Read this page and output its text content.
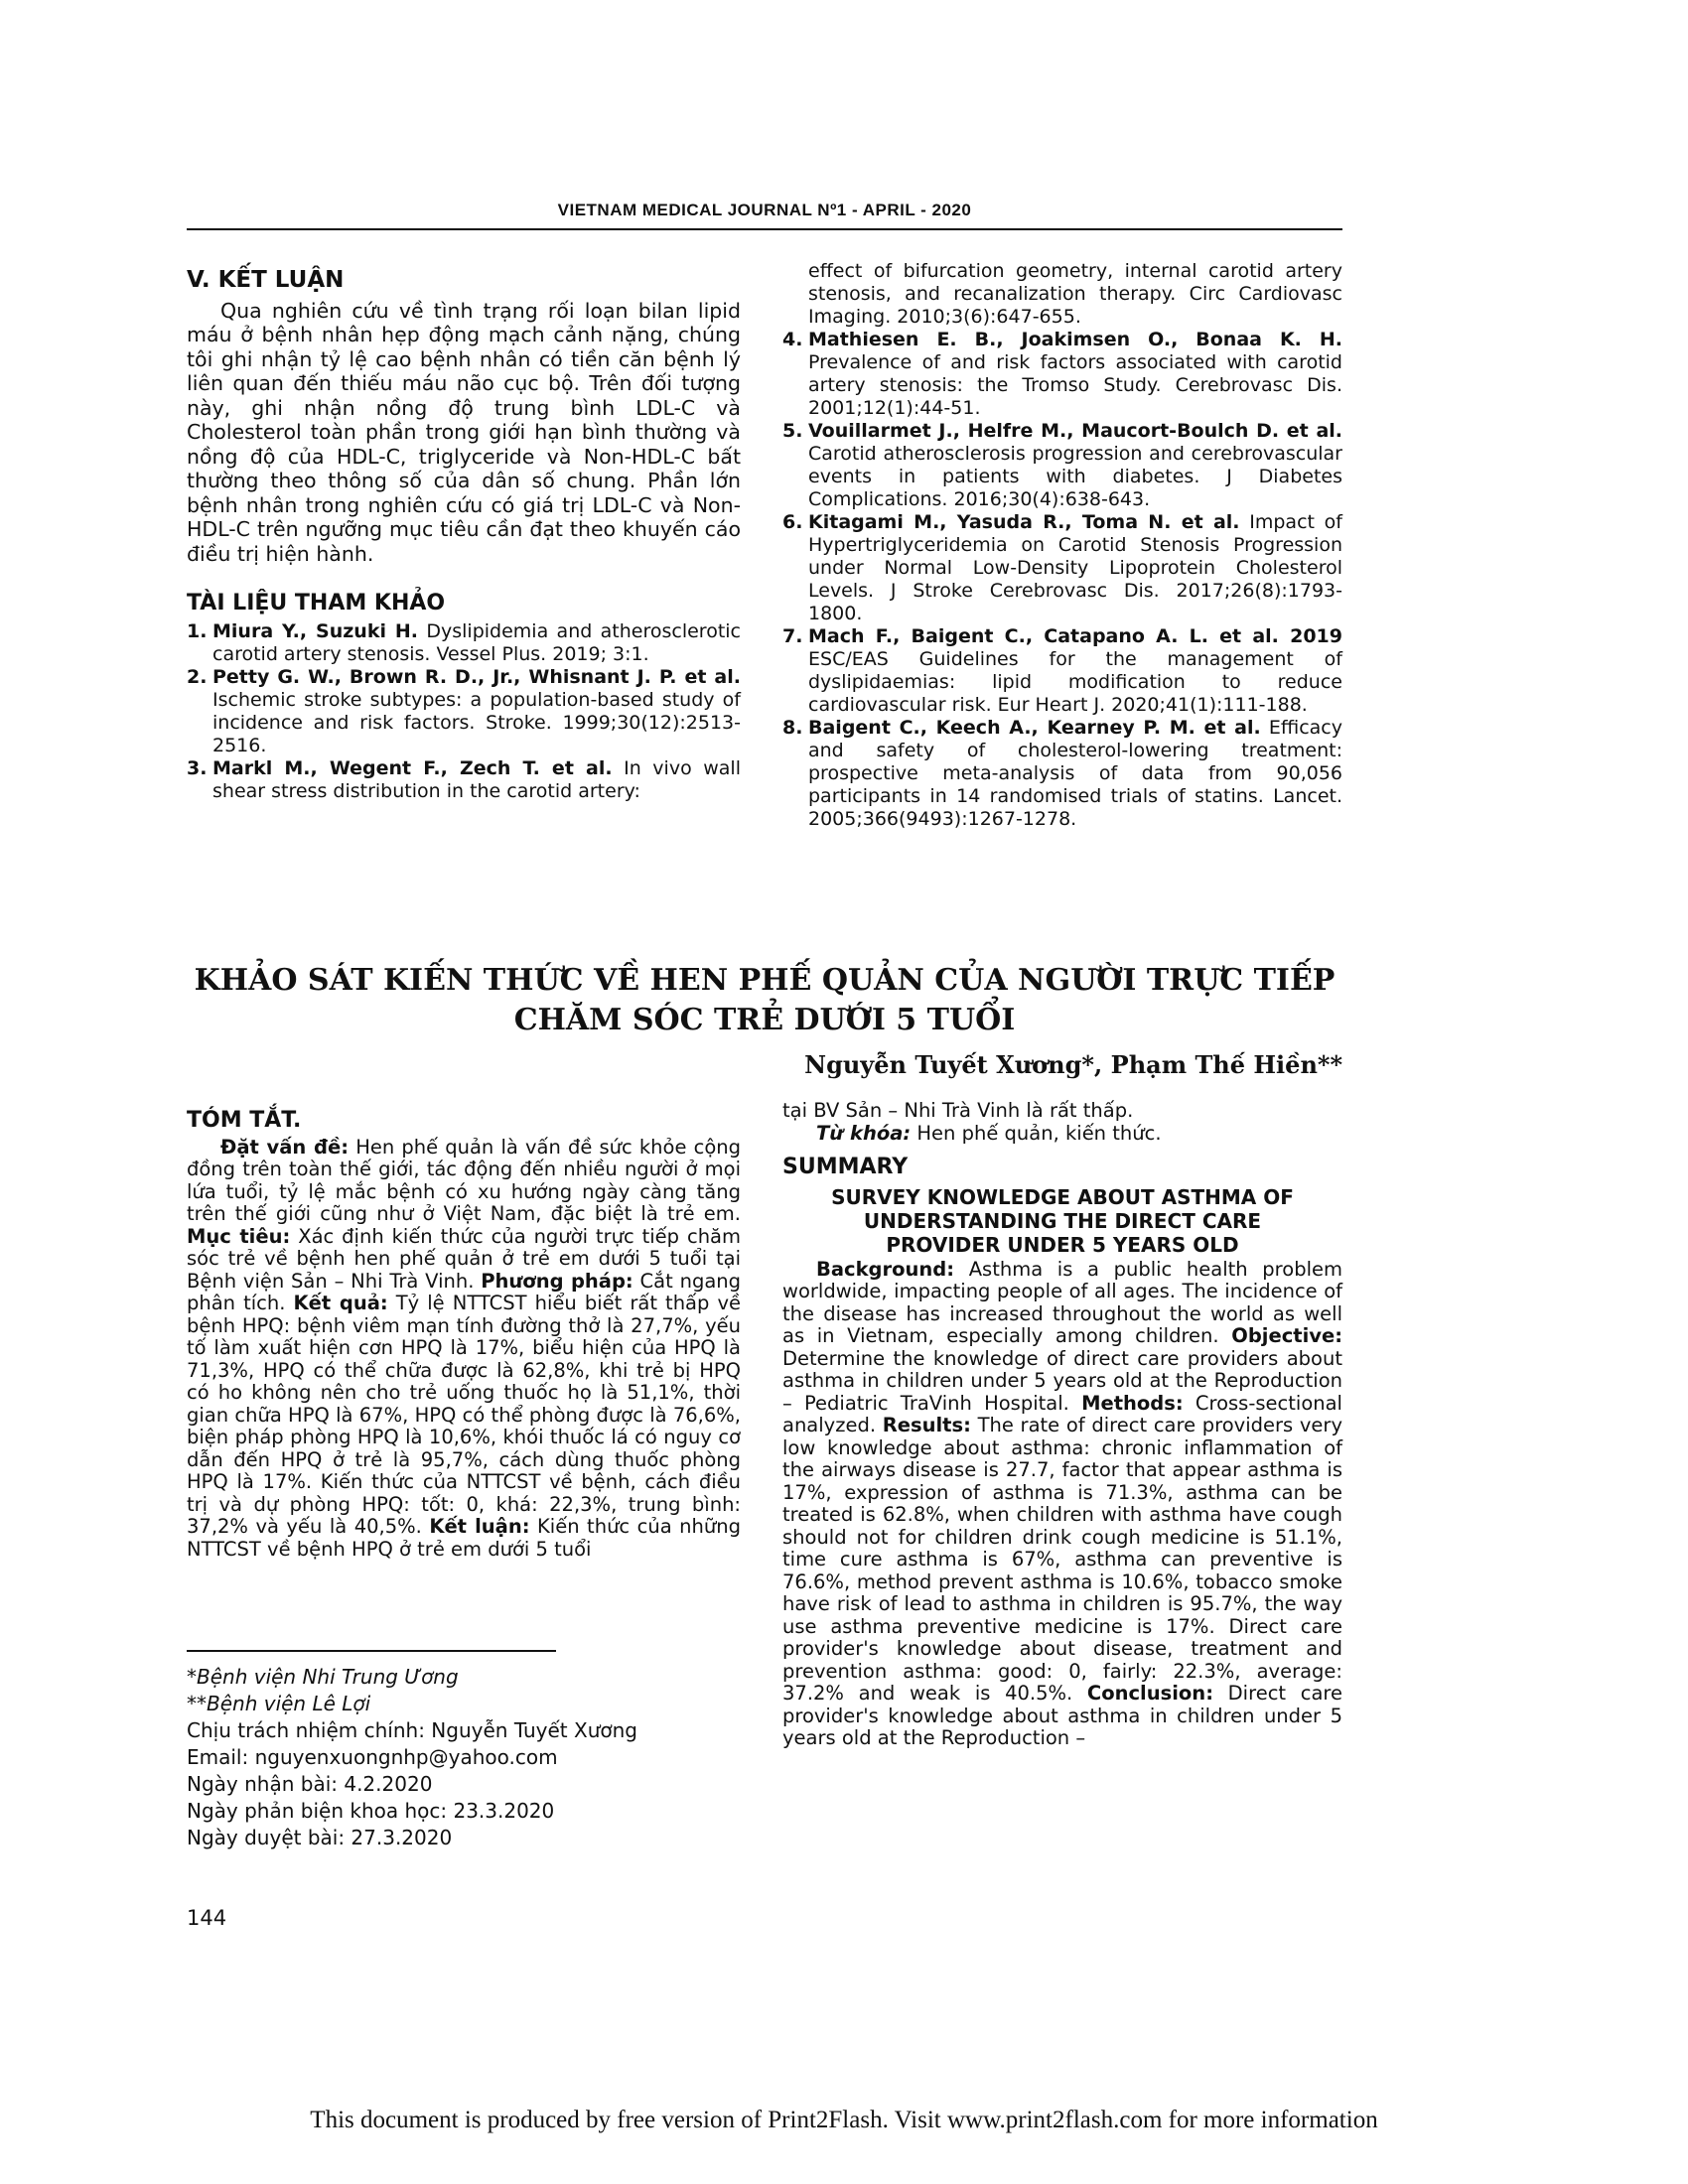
VIETNAM MEDICAL JOURNAL Nº1 - APRIL - 2020
V. KẾT LUẬN

Qua nghiên cứu về tình trạng rối loạn bilan lipid máu ở bệnh nhân hẹp động mạch cảnh nặng, chúng tôi ghi nhận tỷ lệ cao bệnh nhân có tiền căn bệnh lý liên quan đến thiếu máu não cục bộ. Trên đối tượng này, ghi nhận nồng độ trung bình LDL-C và Cholesterol toàn phần trong giới hạn bình thường và nồng độ của HDL-C, triglyceride và Non-HDL-C bất thường theo thông số của dân số chung. Phần lớn bệnh nhân trong nghiên cứu có giá trị LDL-C và Non-HDL-C trên ngưỡng mục tiêu cần đạt theo khuyến cáo điều trị hiện hành.

TÀI LIỆU THAM KHẢO
1. Miura Y., Suzuki H. Dyslipidemia and atherosclerotic carotid artery stenosis. Vessel Plus. 2019; 3:1.
2. Petty G. W., Brown R. D., Jr., Whisnant J. P. et al. Ischemic stroke subtypes: a population-based study of incidence and risk factors. Stroke. 1999;30(12):2513-2516.
3. Markl M., Wegent F., Zech T. et al. In vivo wall shear stress distribution in the carotid artery:

effect of bifurcation geometry, internal carotid artery stenosis, and recanalization therapy. Circ Cardiovasc Imaging. 2010;3(6):647-655.

4. Mathiesen E. B., Joakimsen O., Bonaa K. H. Prevalence of and risk factors associated with carotid artery stenosis: the Tromso Study. Cerebrovasc Dis. 2001;12(1):44-51.
5. Vouillarmet J., Helfre M., Maucort-Boulch D. et al. Carotid atherosclerosis progression and cerebrovascular events in patients with diabetes. J Diabetes Complications. 2016;30(4):638-643.
6. Kitagami M., Yasuda R., Toma N. et al. Impact of Hypertriglyceridemia on Carotid Stenosis Progression under Normal Low-Density Lipoprotein Cholesterol Levels. J Stroke Cerebrovasc Dis. 2017;26(8):1793-1800.
7. Mach F., Baigent C., Catapano A. L. et al. 2019 ESC/EAS Guidelines for the management of dyslipidaemias: lipid modification to reduce cardiovascular risk. Eur Heart J. 2020;41(1):111-188.
8. Baigent C., Keech A., Kearney P. M. et al. Efficacy and safety of cholesterol-lowering treatment: prospective meta-analysis of data from 90,056 participants in 14 randomised trials of statins. Lancet. 2005;366(9493):1267-1278.
KHẢO SÁT KIẾN THỨC VỀ HEN PHẾ QUẢN CỦA NGƯỜI TRỰC TIẾP
CHĂM SÓC TRẺ DƯỚI 5 TUỔI
Nguyễn Tuyết Xương*, Phạm Thế Hiền**
TÓM TẮT.

Đặt vấn đề: Hen phế quản là vấn đề sức khỏe cộng đồng trên toàn thế giới, tác động đến nhiều người ở mọi lứa tuổi, tỷ lệ mắc bệnh có xu hướng ngày càng tăng trên thế giới cũng như ở Việt Nam, đặc biệt là trẻ em. Mục tiêu: Xác định kiến thức của người trực tiếp chăm sóc trẻ về bệnh hen phế quản ở trẻ em dưới 5 tuổi tại Bệnh viện Sản – Nhi Trà Vinh. Phương pháp: Cắt ngang phân tích. Kết quả: Tỷ lệ NTTCST hiểu biết rất thấp về bệnh HPQ: bệnh viêm mạn tính đường thở là 27,7%, yếu tố làm xuất hiện cơn HPQ là 17%, biểu hiện của HPQ là 71,3%, HPQ có thể chữa được là 62,8%, khi trẻ bị HPQ có ho không nên cho trẻ uống thuốc họ là 51,1%, thời gian chữa HPQ là 67%, HPQ có thể phòng được là 76,6%, biện pháp phòng HPQ là 10,6%, khói thuốc lá có nguy cơ dẫn đến HPQ ở trẻ là 95,7%, cách dùng thuốc phòng HPQ là 17%. Kiến thức của NTTCST về bệnh, cách điều trị và dự phòng HPQ: tốt: 0, khá: 22,3%, trung bình: 37,2% và yếu là 40,5%. Kết luận: Kiến thức của những NTTCST về bệnh HPQ ở trẻ em dưới 5 tuổi

*Bệnh viện Nhi Trung Ương
**Bệnh viện Lê Lợi
Chịu trách nhiệm chính: Nguyễn Tuyết Xương
Email: nguyenxuongnhp@yahoo.com
Ngày nhận bài: 4.2.2020
Ngày phản biện khoa học: 23.3.2020
Ngày duyệt bài: 27.3.2020

tại BV Sản – Nhi Trà Vinh là rất thấp.

Từ khóa: Hen phế quản, kiến thức.

SUMMARY
SURVEY KNOWLEDGE ABOUT ASTHMA OF
UNDERSTANDING THE DIRECT CARE
PROVIDER UNDER 5 YEARS OLD

Background: Asthma is a public health problem worldwide, impacting people of all ages. The incidence of the disease has increased throughout the world as well as in Vietnam, especially among children. Objective: Determine the knowledge of direct care providers about asthma in children under 5 years old at the Reproduction – Pediatric TraVinh Hospital. Methods: Cross-sectional analyzed. Results: The rate of direct care providers very low knowledge about asthma: chronic inflammation of the airways disease is 27.7, factor that appear asthma is 17%, expression of asthma is 71.3%, asthma can be treated is 62.8%, when children with asthma have cough should not for children drink cough medicine is 51.1%, time cure asthma is 67%, asthma can preventive is 76.6%, method prevent asthma is 10.6%, tobacco smoke have risk of lead to asthma in children is 95.7%, the way use asthma preventive medicine is 17%. Direct care provider's knowledge about disease, treatment and prevention asthma: good: 0, fairly: 22.3%, average: 37.2% and weak is 40.5%. Conclusion: Direct care provider's knowledge about asthma in children under 5 years old at the Reproduction –

144
This document is produced by free version of Print2Flash. Visit www.print2flash.com for more information
